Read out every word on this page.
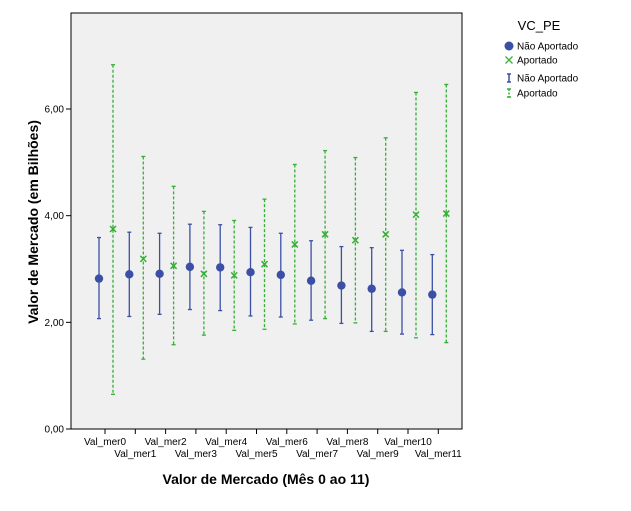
0,00
2,00
4,00
6,00
Val_mer0
Val_mer1
Val_mer2
Val_mer3
Val_mer4
Val_mer5
Val_mer6
Val_mer7
Val_mer8
Val_mer9
Val_mer10
Val_mer11
Valor de Mercado (Mês 0 ao 11)
Valor de Mercado (em Bilhões)
VC_PE
Não Aportado
Aportado
Não Aportado
Aportado
